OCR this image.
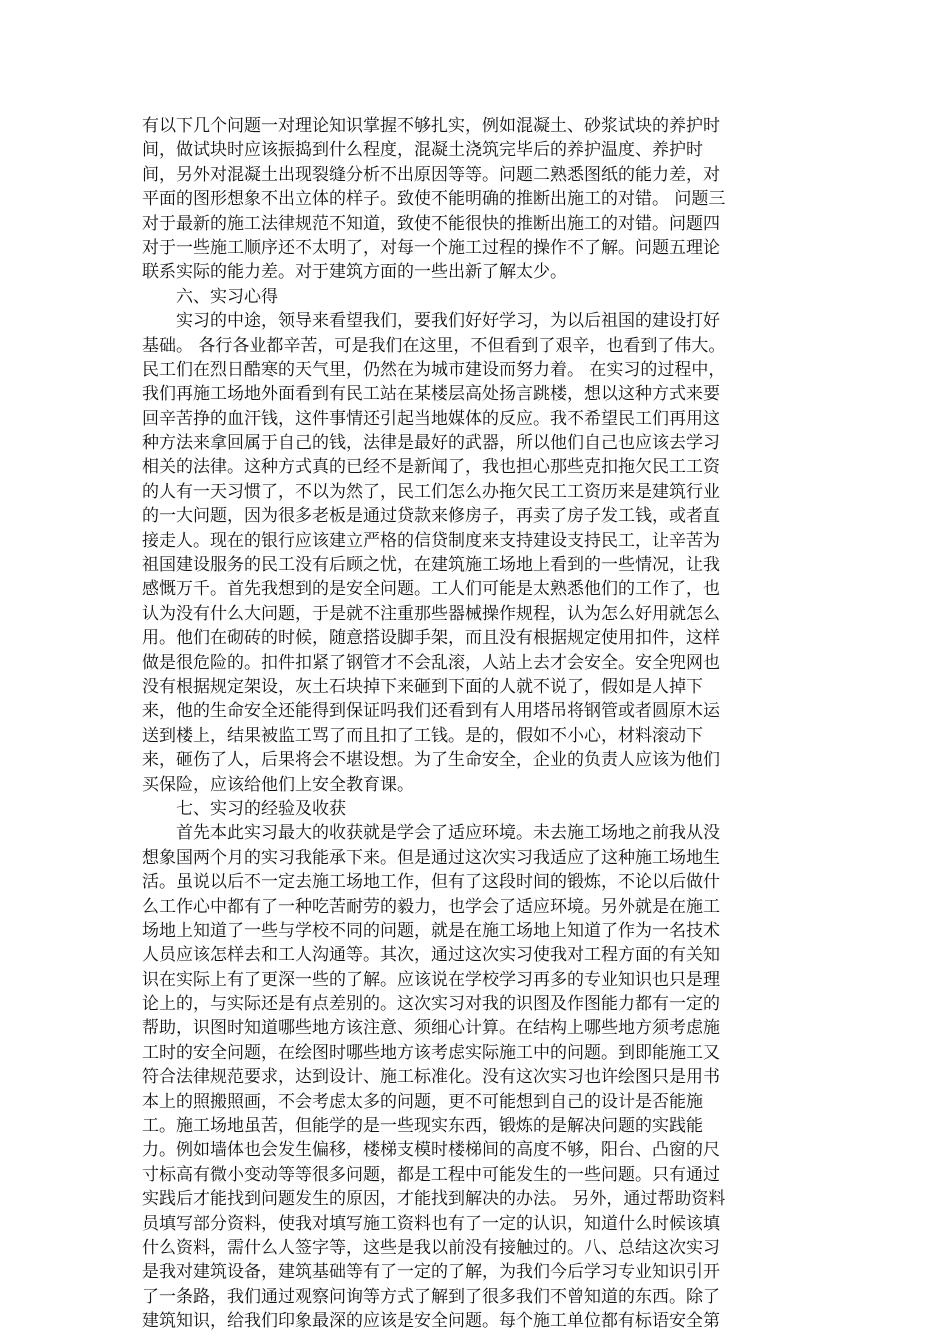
有以下几个问题一对理论知识掌握不够扎实，例如混凝土、砂浆试块的养护时
间，做试块时应该振捣到什么程度，混凝土浇筑完毕后的养护温度、养护时
间，另外对混凝土出现裂缝分析不出原因等等。问题二熟悉图纸的能力差，对
平面的图形想象不出立体的样子。致使不能明确的推断出施工的对错。 问题三
对于最新的施工法律规范不知道，致使不能很快的推断出施工的对错。问题四
对于一些施工顺序还不太明了，对每一个施工过程的操作不了解。问题五理论
联系实际的能力差。对于建筑方面的一些出新了解太少。
六、实习心得
实习的中途，领导来看望我们，要我们好好学习，为以后祖国的建设打好
基础。 各行各业都辛苦，可是我们在这里，不但看到了艰辛，也看到了伟大。
民工们在烈日酷寒的天气里，仍然在为城市建设而努力着。 在实习的过程中，
我们再施工场地外面看到有民工站在某楼层高处扬言跳楼，想以这种方式来要
回辛苦挣的血汗钱，这件事情还引起当地媒体的反应。我不希望民工们再用这
种方法来拿回属于自己的钱，法律是最好的武器，所以他们自己也应该去学习
相关的法律。这种方式真的已经不是新闻了，我也担心那些克扣拖欠民工工资
的人有一天习惯了，不以为然了，民工们怎么办拖欠民工工资历来是建筑行业
的一大问题，因为很多老板是通过贷款来修房子，再卖了房子发工钱，或者直
接走人。现在的银行应该建立严格的信贷制度来支持建设支持民工，让辛苦为
祖国建设服务的民工没有后顾之忧，在建筑施工场地上看到的一些情况，让我
感慨万千。首先我想到的是安全问题。工人们可能是太熟悉他们的工作了，也
认为没有什么大问题，于是就不注重那些器械操作规程，认为怎么好用就怎么
用。他们在砌砖的时候，随意搭设脚手架，而且没有根据规定使用扣件，这样
做是很危险的。扣件扣紧了钢管才不会乱滚，人站上去才会安全。安全兜网也
没有根据规定架设，灰土石块掉下来砸到下面的人就不说了，假如是人掉下
来，他的生命安全还能得到保证吗我们还看到有人用塔吊将钢管或者圆原木运
送到楼上，结果被监工骂了而且扣了工钱。是的，假如不小心，材料滚动下
来，砸伤了人，后果将会不堪设想。为了生命安全，企业的负责人应该为他们
买保险，应该给他们上安全教育课。
七、实习的经验及收获
首先本此实习最大的收获就是学会了适应环境。未去施工场地之前我从没
想象国两个月的实习我能承下来。但是通过这次实习我适应了这种施工场地生
活。虽说以后不一定去施工场地工作，但有了这段时间的锻炼，不论以后做什
么工作心中都有了一种吃苦耐劳的毅力，也学会了适应环境。另外就是在施工
场地上知道了一些与学校不同的问题，就是在施工场地上知道了作为一名技术
人员应该怎样去和工人沟通等。其次，通过这次实习使我对工程方面的有关知
识在实际上有了更深一些的了解。应该说在学校学习再多的专业知识也只是理
论上的，与实际还是有点差别的。这次实习对我的识图及作图能力都有一定的
帮助，识图时知道哪些地方该注意、须细心计算。在结构上哪些地方须考虑施
工时的安全问题，在绘图时哪些地方该考虑实际施工中的问题。到即能施工又
符合法律规范要求，达到设计、施工标准化。没有这次实习也许绘图只是用书
本上的照搬照画，不会考虑太多的问题，更不可能想到自己的设计是否能施
工。施工场地虽苦，但能学的是一些现实东西，锻炼的是解决问题的实践能
力。例如墙体也会发生偏移，楼梯支模时楼梯间的高度不够，阳台、凸窗的尺
寸标高有微小变动等等很多问题，都是工程中可能发生的一些问题。只有通过
实践后才能找到问题发生的原因，才能找到解决的办法。 另外，通过帮助资料
员填写部分资料，使我对填写施工资料也有了一定的认识，知道什么时候该填
什么资料，需什么人签字等，这些是我以前没有接触过的。八、总结这次实习
是我对建筑设备，建筑基础等有了一定的了解，为我们今后学习专业知识引开
了一条路，我们通过观察问询等方式了解到了很多我们不曾知道的东西。除了
建筑知识，给我们印象最深的应该是安全问题。每个施工单位都有标语安全第
